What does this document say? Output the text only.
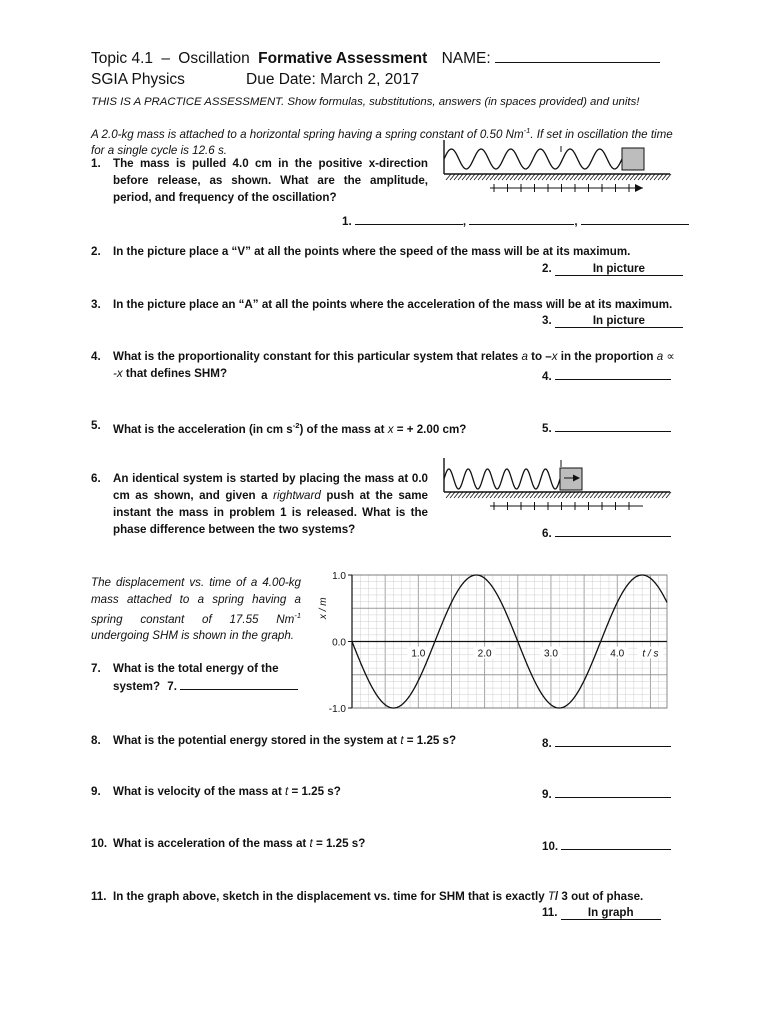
Topic 4.1 – Oscillation Formative Assessment NAME:
SGIA Physics	Due Date: March 2, 2017
THIS IS A PRACTICE ASSESSMENT. Show formulas, substitutions, answers (in spaces provided) and units!
A 2.0-kg mass is attached to a horizontal spring having a spring constant of 0.50 $Nm^{-1}$. If set in oscillation the time for a single cycle is 12.6 s.
1. The mass is pulled 4.0 cm in the positive x-direction before release, as shown. What are the amplitude, period, and frequency of the oscillation?
1.	,	,
2. In the picture place a “V” at all the points where the speed of the mass will be at its maximum.
2.	In picture
3. In the picture place an “A” at all the points where the acceleration of the mass will be at its maximum.
3.	In picture
4. What is the proportionality constant for this particular system that relates a to –x in the proportion a ∝ -x that defines SHM?	4.
5. What is the acceleration (in cm $s^{-2}$) of the mass at x = + 2.00 cm?	5.
6. An identical system is started by placing the mass at 0.0 cm as shown, and given a rightward push at the same instant the mass in problem 1 is released. What is the phase difference between the two systems?	6.
The displacement vs. time of a 4.00-kg mass attached to a spring having a spring constant of 17.55 $Nm^{-1}$ undergoing SHM is shown in the graph.
7. What is the total energy of the system? 7.
1.0
0.0
-1.0
1.0	2.0	3.0	4.0 t / s
x / m
8. What is the potential energy stored in the system at t = 1.25 s?	8.
9. What is velocity of the mass at t = 1.25 s?	9.
10. What is acceleration of the mass at t = 1.25 s?	10.
11. In the graph above, sketch in the displacement vs. time for SHM that is exactly T/ 3 out of phase.
11.	In graph
